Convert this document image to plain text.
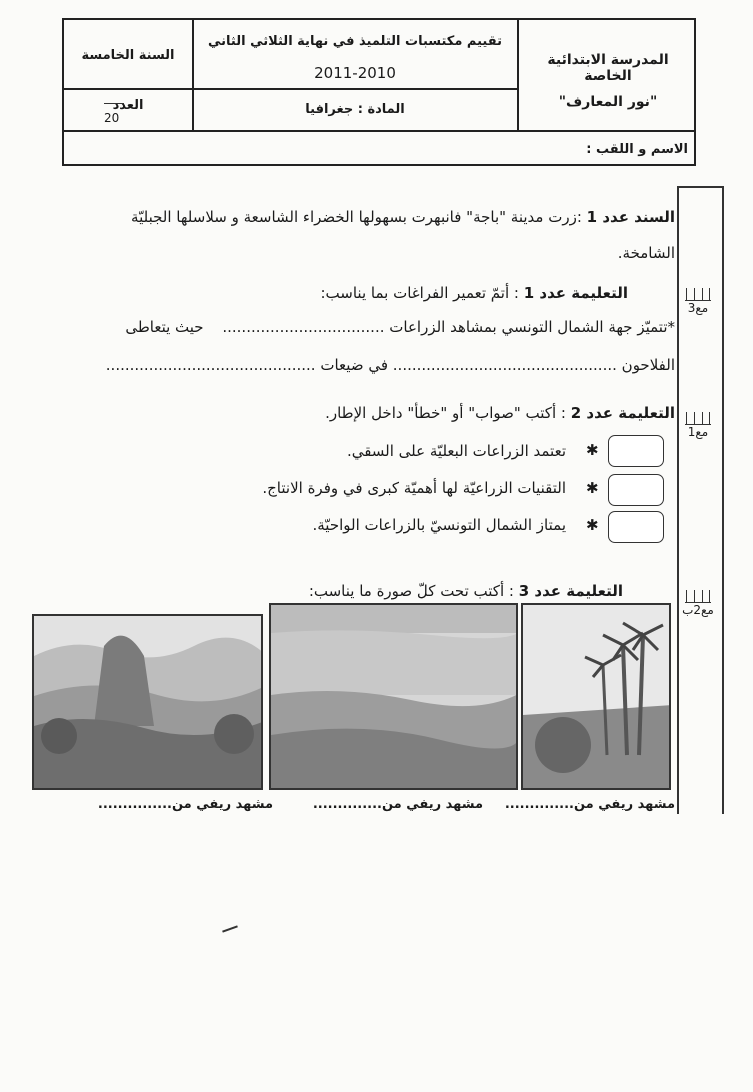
المدرسة الابتدائية الخاصة
"نور المعارف"
تقييم مكتسبات التلميذ في نهاية الثلاثي الثاني
2011-2010
السنة الخامسة
المادة : جغرافيا
العدد
20
الاسم و اللقب :
مع3
مع1
مع2ب
السند عدد 1 :زرت مدينة "باجة" فانبهرت بسهولها الخضراء الشاسعة و سلاسلها الجبليّة
الشامخة.
التعليمة عدد 1 : أتمّ تعمير الفراغات بما يناسب:
*تتميّز جهة الشمال التونسي بمشاهد الزراعات .................................. حيث يتعاطى
الفلاحون ............................................... في ضيعات ............................................
التعليمة عدد 2 : أكتب "صواب" أو "خطأ" داخل الإطار.
✱
تعتمد الزراعات البعليّة على السقي.
✱
التقنيات الزراعيّة لها أهميّة كبرى في وفرة الانتاج.
✱
يمتاز الشمال التونسيّ بالزراعات الواحيّة.
التعليمة عدد 3 : أكتب تحت كلّ صورة ما يناسب:
مشهد ريفي من..............
مشهد ريفي من..............
مشهد ريفي من...............
